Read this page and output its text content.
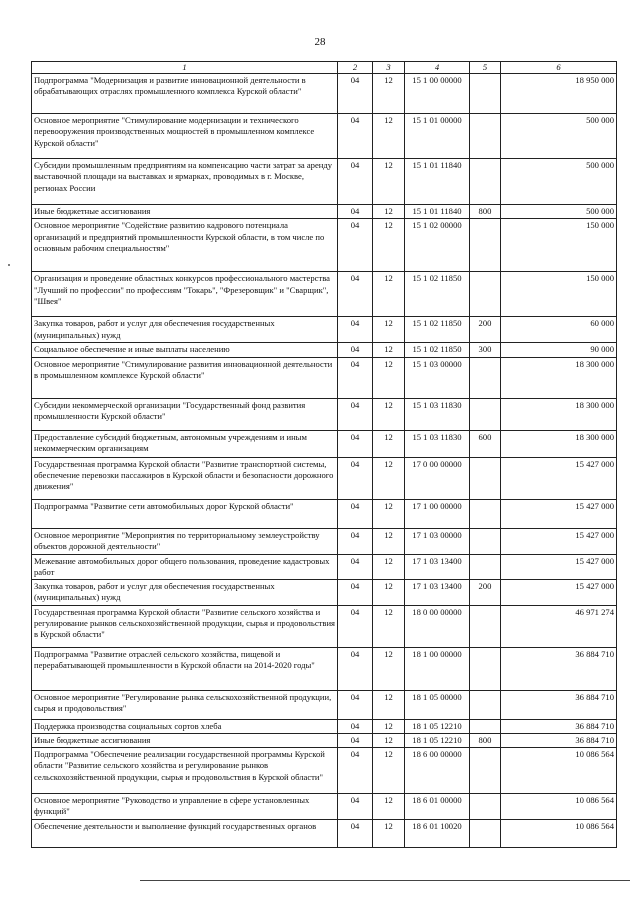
28
1	2	3	4	5	6
Подпрограмма "Модернизация и развитие инновационной деятельности в обрабатывающих отраслях промышленного комплекса Курской области"	04	12	15 1 00 00000		18 950 000
Основное мероприятие "Стимулирование модернизации и технического перевооружения производственных мощностей в промышленном комплексе Курской области"	04	12	15 1 01 00000		500 000
Субсидии промышленным предприятиям на компенсацию части затрат за аренду выставочной площади на выставках и ярмарках, проводимых в г. Москве, регионах России	04	12	15 1 01 11840		500 000
Иные бюджетные ассигнования	04	12	15 1 01 11840	800	500 000
Основное мероприятие "Содействие развитию кадрового потенциала организаций и предприятий промышленности Курской области, в том числе по основным рабочим специальностям"	04	12	15 1 02 00000		150 000
Организация и проведение областных конкурсов профессионального мастерства "Лучший по профессии" по профессиям "Токарь", "Фрезеровщик" и "Сварщик", "Швея"	04	12	15 1 02 11850		150 000
Закупка товаров, работ и услуг для обеспечения государственных (муниципальных) нужд	04	12	15 1 02 11850	200	60 000
Социальное обеспечение и иные выплаты населению	04	12	15 1 02 11850	300	90 000
Основное мероприятие "Стимулирование развития инновационной деятельности в промышленном комплексе Курской области"	04	12	15 1 03 00000		18 300 000
Субсидии некоммерческой организации "Государственный фонд развития промышленности Курской области"	04	12	15 1 03 11830		18 300 000
Предоставление субсидий бюджетным, автономным учреждениям и иным некоммерческим организациям	04	12	15 1 03 11830	600	18 300 000
Государственная программа Курской области "Развитие транспортной системы, обеспечение перевозки пассажиров в Курской области и безопасности дорожного движения"	04	12	17 0 00 00000		15 427 000
Подпрограмма "Развитие сети автомобильных дорог Курской области"	04	12	17 1 00 00000		15 427 000
Основное мероприятие "Мероприятия по территориальному землеустройству объектов дорожной деятельности"	04	12	17 1 03 00000		15 427 000
Межевание автомобильных дорог общего пользования, проведение кадастровых работ	04	12	17 1 03 13400		15 427 000
Закупка товаров, работ и услуг для обеспечения государственных (муниципальных) нужд	04	12	17 1 03 13400	200	15 427 000
Государственная программа Курской области "Развитие сельского хозяйства и регулирование рынков сельскохозяйственной продукции, сырья и продовольствия в Курской области"	04	12	18 0 00 00000		46 971 274
Подпрограмма "Развитие отраслей сельского хозяйства, пищевой и перерабатывающей промышленности в Курской области на 2014-2020 годы"	04	12	18 1 00 00000		36 884 710
Основное мероприятие "Регулирование рынка сельскохозяйственной продукции, сырья и продовольствия"	04	12	18 1 05 00000		36 884 710
Поддержка производства социальных сортов хлеба	04	12	18 1 05 12210		36 884 710
Иные бюджетные ассигнования	04	12	18 1 05 12210	800	36 884 710
Подпрограмма "Обеспечение реализации государственной программы Курской области "Развитие сельского хозяйства и регулирование рынков сельскохозяйственной продукции, сырья и продовольствия в Курской области"	04	12	18 6 00 00000		10 086 564
Основное мероприятие "Руководство и управление в сфере установленных функций"	04	12	18 6 01 00000		10 086 564
Обеспечение деятельности и выполнение функций государственных органов	04	12	18 6 01 10020		10 086 564
